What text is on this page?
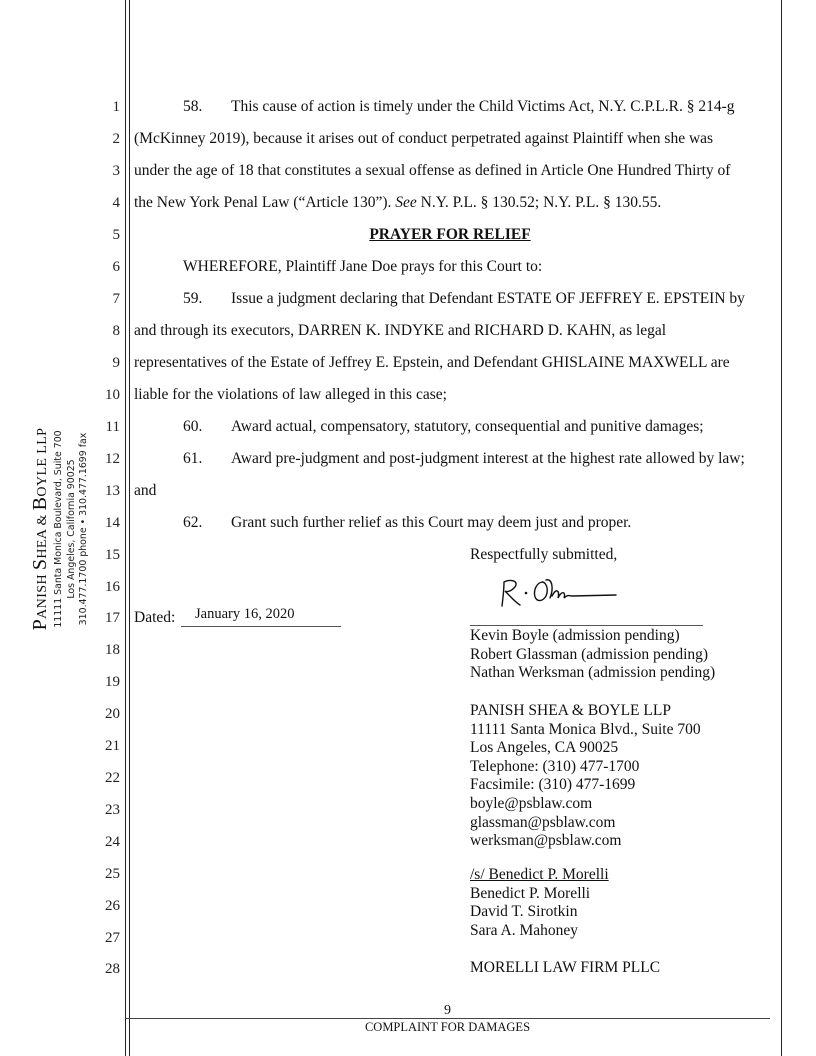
1
2
3
4
5
6
7
8
9
10
11
12
13
14
15
16
17
18
19
20
21
22
23
24
25
26
27
28
PANISH SHEA & BOYLE LLP 11111 Santa Monica Boulevard, Suite 700 Los Angeles, California 90025 310.477.1700 phone • 310.477.1699 fax
58. This cause of action is timely under the Child Victims Act, N.Y. C.P.L.R. § 214-g
(McKinney 2019), because it arises out of conduct perpetrated against Plaintiff when she was
under the age of 18 that constitutes a sexual offense as defined in Article One Hundred Thirty of
the New York Penal Law (“Article 130”). See N.Y. P.L. § 130.52; N.Y. P.L. § 130.55.
PRAYER FOR RELIEF
WHEREFORE, Plaintiff Jane Doe prays for this Court to:
59. Issue a judgment declaring that Defendant ESTATE OF JEFFREY E. EPSTEIN by
and through its executors, DARREN K. INDYKE and RICHARD D. KAHN, as legal
representatives of the Estate of Jeffrey E. Epstein, and Defendant GHISLAINE MAXWELL are
liable for the violations of law alleged in this case;
60. Award actual, compensatory, statutory, consequential and punitive damages;
61. Award pre-judgment and post-judgment interest at the highest rate allowed by law;
and
62. Grant such further relief as this Court may deem just and proper.
Respectfully submitted,
Dated: January 16, 2020
Kevin Boyle (admission pending)
Robert Glassman (admission pending)
Nathan Werksman (admission pending)
PANISH SHEA & BOYLE LLP
11111 Santa Monica Blvd., Suite 700
Los Angeles, CA 90025
Telephone: (310) 477-1700
Facsimile: (310) 477-1699
boyle@psblaw.com
glassman@psblaw.com
werksman@psblaw.com
/s/ Benedict P. Morelli
Benedict P. Morelli
David T. Sirotkin
Sara A. Mahoney
MORELLI LAW FIRM PLLC
9
COMPLAINT FOR DAMAGES
